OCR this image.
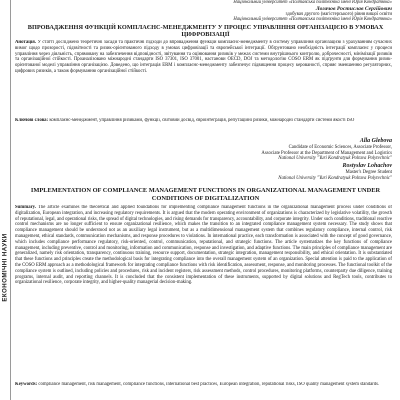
ЕКОНОМІЧНІ НАУКИ
Національний університет «Полтавська політехніка імені Юрія Кондратюка»
Логачов Ростислав Сергійович
здобувач другого (магістерського) рівня вищої освіти
Національний університет «Полтавська політехніка імені Юрія Кондратюка»
ВПРОВАДЖЕННЯ ФУНКЦІЙ КОМПЛАЄНС-МЕНЕДЖМЕНТУ У ПРОЦЕС УПРАВЛІННЯ ОРГАНІЗАЦІЄЮ В УМОВАХ ЦИФРОВІЗАЦІЇ
Анотація. У статті досліджено теоретичні засади та практичні підходи до впровадження функцій комплаєнс-менеджменту в систему управління організацією з урахуванням сучасних вимог щодо прозорості, підзвітності та ризик-орієнтованого підходу в умовах цифровізації та європейської інтеграції. Обґрунтовано необхідність інтеграції комплаєнс у процеси управління через діяльність, спрямовану на забезпечення відповідності, звітування та оцінювання ризиків у межах системи внутрішнього контролю, доброчесності, мінімізації ризиків та організаційної стійкості. Проаналізовано міжнародні стандарти ISO 37301, ISO 37001, настанови OECD, DOJ та методологію COSO ERM як підґрунтя для формування ризик-орієнтованої моделі управління організацією. Доведено, що інтеграція ERM і комплаєнс-менеджменту забезпечує підвищення процесу керованості, сприяє зменшенню регуляторних, цифрових ризиків, а також формуванню організаційної стійкості.
Ключові слова: комплаєнс-менеджмент, управління ризиками, функції, світовий досвід, євроінтеграція, репутаційні ризики, міжнародні стандарти системи якості ISO
Alla Glebova
Candidate of Economic Sciences, Associate Professor,
Associate Professor at the Department of Management and Logistics
National University "Yuri Kondratyuk Poltava Polytechnic"
Rostyslav Lohachov
Master's Degree Student
National University "Yuri Kondratyuk Poltava Polytechnic"
IMPLEMENTATION OF COMPLIANCE MANAGEMENT FUNCTIONS IN ORGANIZATIONAL MANAGEMENT UNDER CONDITIONS OF DIGITALIZATION
Summary. The article examines the theoretical and applied foundations for implementing compliance management functions in the organizational management process under conditions of digitalization, European integration, and increasing regulatory requirements. It is argued that the modern operating environment of organizations is characterized by legislative volatility, the growth of reputational, legal, and operational risks, the spread of digital technologies, and rising demands for transparency, accountability, and corporate integrity. Under such conditions, traditional reactive control mechanisms are no longer sufficient to ensure organizational resilience, which makes the transition to an integrated compliance management system necessary. The study shows that compliance management should be understood not as an auxiliary legal instrument, but as a multidimensional management system that combines regulatory compliance, internal control, risk management, ethical standards, communication mechanisms, and response procedures to violations. In international practice, each transformation is associated with the concept of good governance, which includes compliance performance regulatory, risk-oriented, control, communication, reputational, and strategic functions. The article systematizes the key functions of compliance management, including preventive, control and monitoring, information and communication, response and investigation, and adaptive functions. The main principles of compliance management are generalized, namely risk orientation, transparency, continuous training, resource support, documentation, strategic integration, management responsibility, and ethical orientation. It is substantiated that these functions and principles create the methodological basis for integrating compliance into the overall management system of an organization. Special attention is paid to the application of the COSO ERM approach as a methodological framework for integrating compliance functions with risk identification, assessment, response, and monitoring processes. The functional toolkit of the compliance system is outlined, including policies and procedures, risk and incident registers, risk assessment methods, control procedures, monitoring platforms, counterparty due diligence, training programs, internal audit, and reporting channels. It is concluded that the consistent implementation of these instruments, supported by digital solutions and RegTech tools, contributes to organizational resilience, corporate integrity, and higher-quality managerial decision-making.
Keywords: compliance management, risk management, compliance functions, international best practices, European integration, reputational risks, ISO quality management system standards.
